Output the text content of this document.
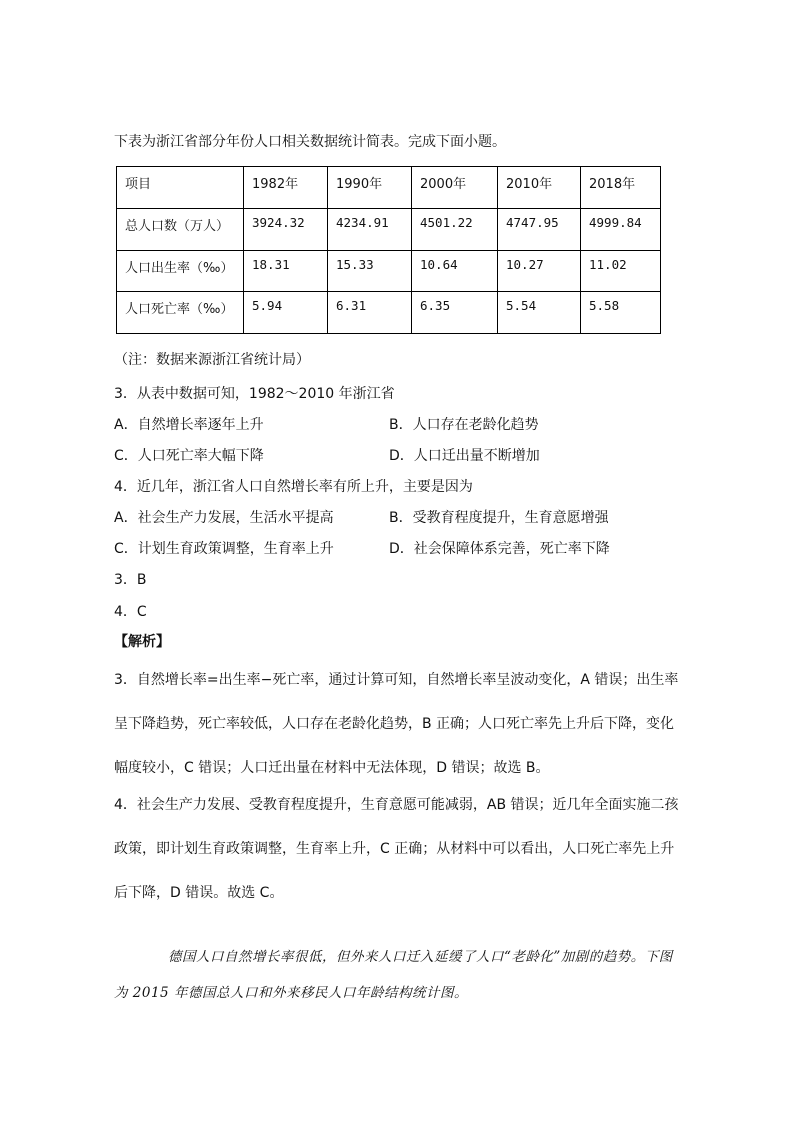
下表为浙江省部分年份人口相关数据统计简表。完成下面小题。
项目	1982年	1990年	2000年	2010年	2018年
总人口数（万人）	3924.32	4234.91	4501.22	4747.95	4999.84
人口出生率（‰）	18.31	15.33	10.64	10.27	11.02
人口死亡率（‰）	5.94	6.31	6.35	5.54	5.58
（注：数据来源浙江省统计局）
3．从表中数据可知，1982～2010 年浙江省
A．自然增长率逐年上升	B．人口存在老龄化趋势
C．人口死亡率大幅下降	D．人口迁出量不断增加
4．近几年，浙江省人口自然增长率有所上升，主要是因为
A．社会生产力发展，生活水平提高	B．受教育程度提升，生育意愿增强
C．计划生育政策调整，生育率上升	D．社会保障体系完善，死亡率下降
3．B
4．C
【解析】
3．自然增长率=出生率−死亡率，通过计算可知，自然增长率呈波动变化，A 错误；出生率呈下降趋势，死亡率较低，人口存在老龄化趋势，B 正确；人口死亡率先上升后下降，变化幅度较小，C 错误；人口迁出量在材料中无法体现，D 错误；故选 B。
4．社会生产力发展、受教育程度提升，生育意愿可能减弱，AB 错误；近几年全面实施二孩政策，即计划生育政策调整，生育率上升，C 正确；从材料中可以看出，人口死亡率先上升后下降，D 错误。故选 C。
德国人口自然增长率很低，但外来人口迁入延缓了人口“老龄化”加剧的趋势。下图为 2015 年德国总人口和外来移民人口年龄结构统计图。
